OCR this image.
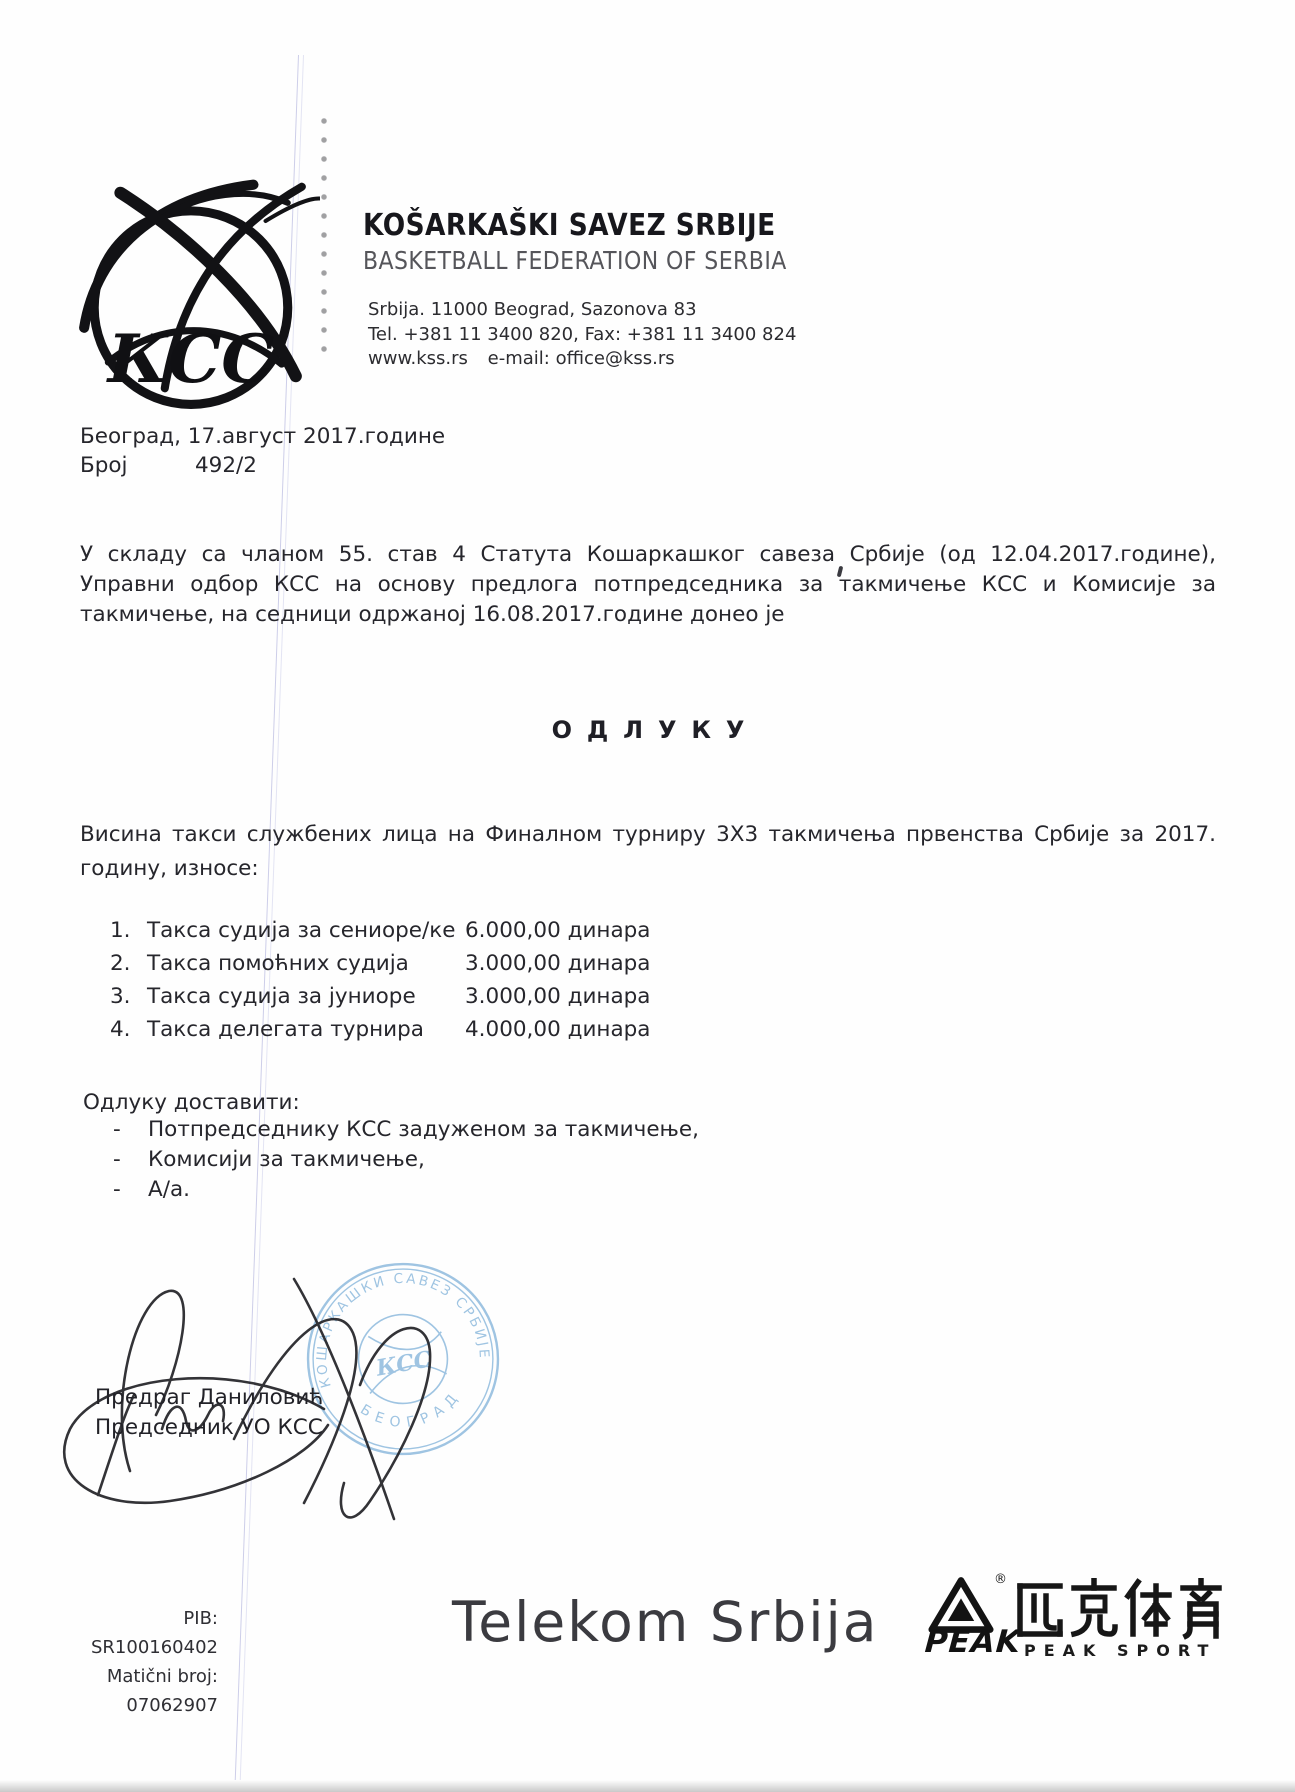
КСС
KOŠARKAŠKI SAVEZ SRBIJE
BASKETBALL FEDERATION OF SERBIA
Srbija. 11000 Beograd, Sazonova 83
Tel. +381 11 3400 820, Fax: +381 11 3400 824
www.kss.rs e-mail: office@kss.rs
Београд, 17.август 2017.године
Број	492/2
У складу са чланом 55. став 4 Статута Кошаркашког савеза Србије (од 12.04.2017.године),
Управни одбор КСС на основу предлога потпредседника за такмичење КСС и Комисије за
такмичење, на седници одржаној 16.08.2017.године донео је
ОДЛУКУ
Висина такси службених лица на Финалном турниру 3X3 такмичења првенства Србије за 2017.
годину, износе:
1. Такса судија за сениоре/ке 6.000,00 динара
2. Такса помоћних судија	3.000,00 динара
3. Такса судија за јуниоре	3.000,00 динара
4. Такса делегата турнира	4.000,00 динара
Одлуку доставити:
-	Потпредседнику КСС задуженом за такмичење,
-	Комисији за такмичење,
-	А/а.
КОШАРКАШКИ САВЕЗ СРБИЈЕ
БЕОГРАД
КСС
Предраг Даниловић
Председник УО КСС
PIB: SR100160402
Matični broj: 07062907
Telekom Srbija
®
PEAK PEAK SPORT
